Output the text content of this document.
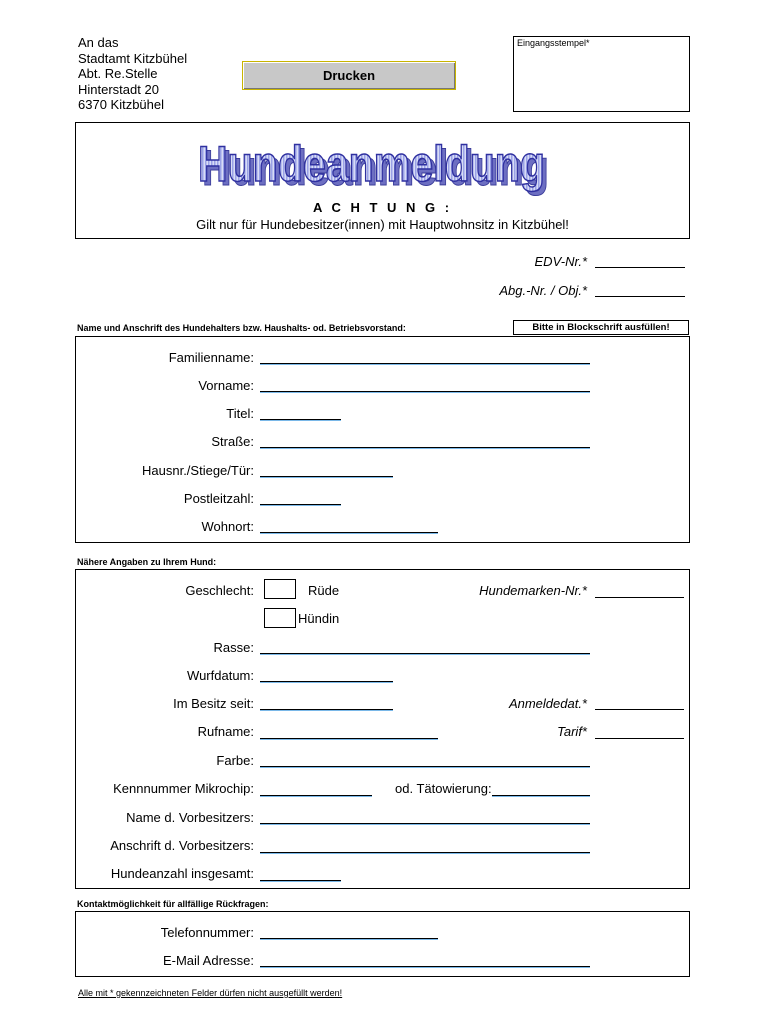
An das
Stadtamt Kitzbühel
Abt. Re.Stelle
Hinterstadt 20
6370 Kitzbühel
Drucken
Eingangsstempel*
Hundeanmeldung
Hundeanmeldung
A C H T U N G :
Gilt nur für Hundebesitzer(innen) mit Hauptwohnsitz in Kitzbühel!
EDV-Nr.*
Abg.-Nr. / Obj.*
Name und Anschrift des Hundehalters bzw. Haushalts- od. Betriebsvorstand:	Bitte in Blockschrift ausfüllen!
Familienname:
Vorname:
Titel:
Straße:
Hausnr./Stiege/Tür:
Postleitzahl:
Wohnort:
Nähere Angaben zu Ihrem Hund:
Geschlecht:	Rüde	Hundemarken-Nr.*
Hündin
Rasse:
Wurfdatum:
Im Besitz seit:	Anmeldedat.*
Rufname:	Tarif*
Farbe:
Kennnummer Mikrochip:	od. Tätowierung:
Name d. Vorbesitzers:
Anschrift d. Vorbesitzers:
Hundeanzahl insgesamt:
Kontaktmöglichkeit für allfällige Rückfragen:
Telefonnummer:
E-Mail Adresse:
Alle mit * gekennzeichneten Felder dürfen nicht ausgefüllt werden!
